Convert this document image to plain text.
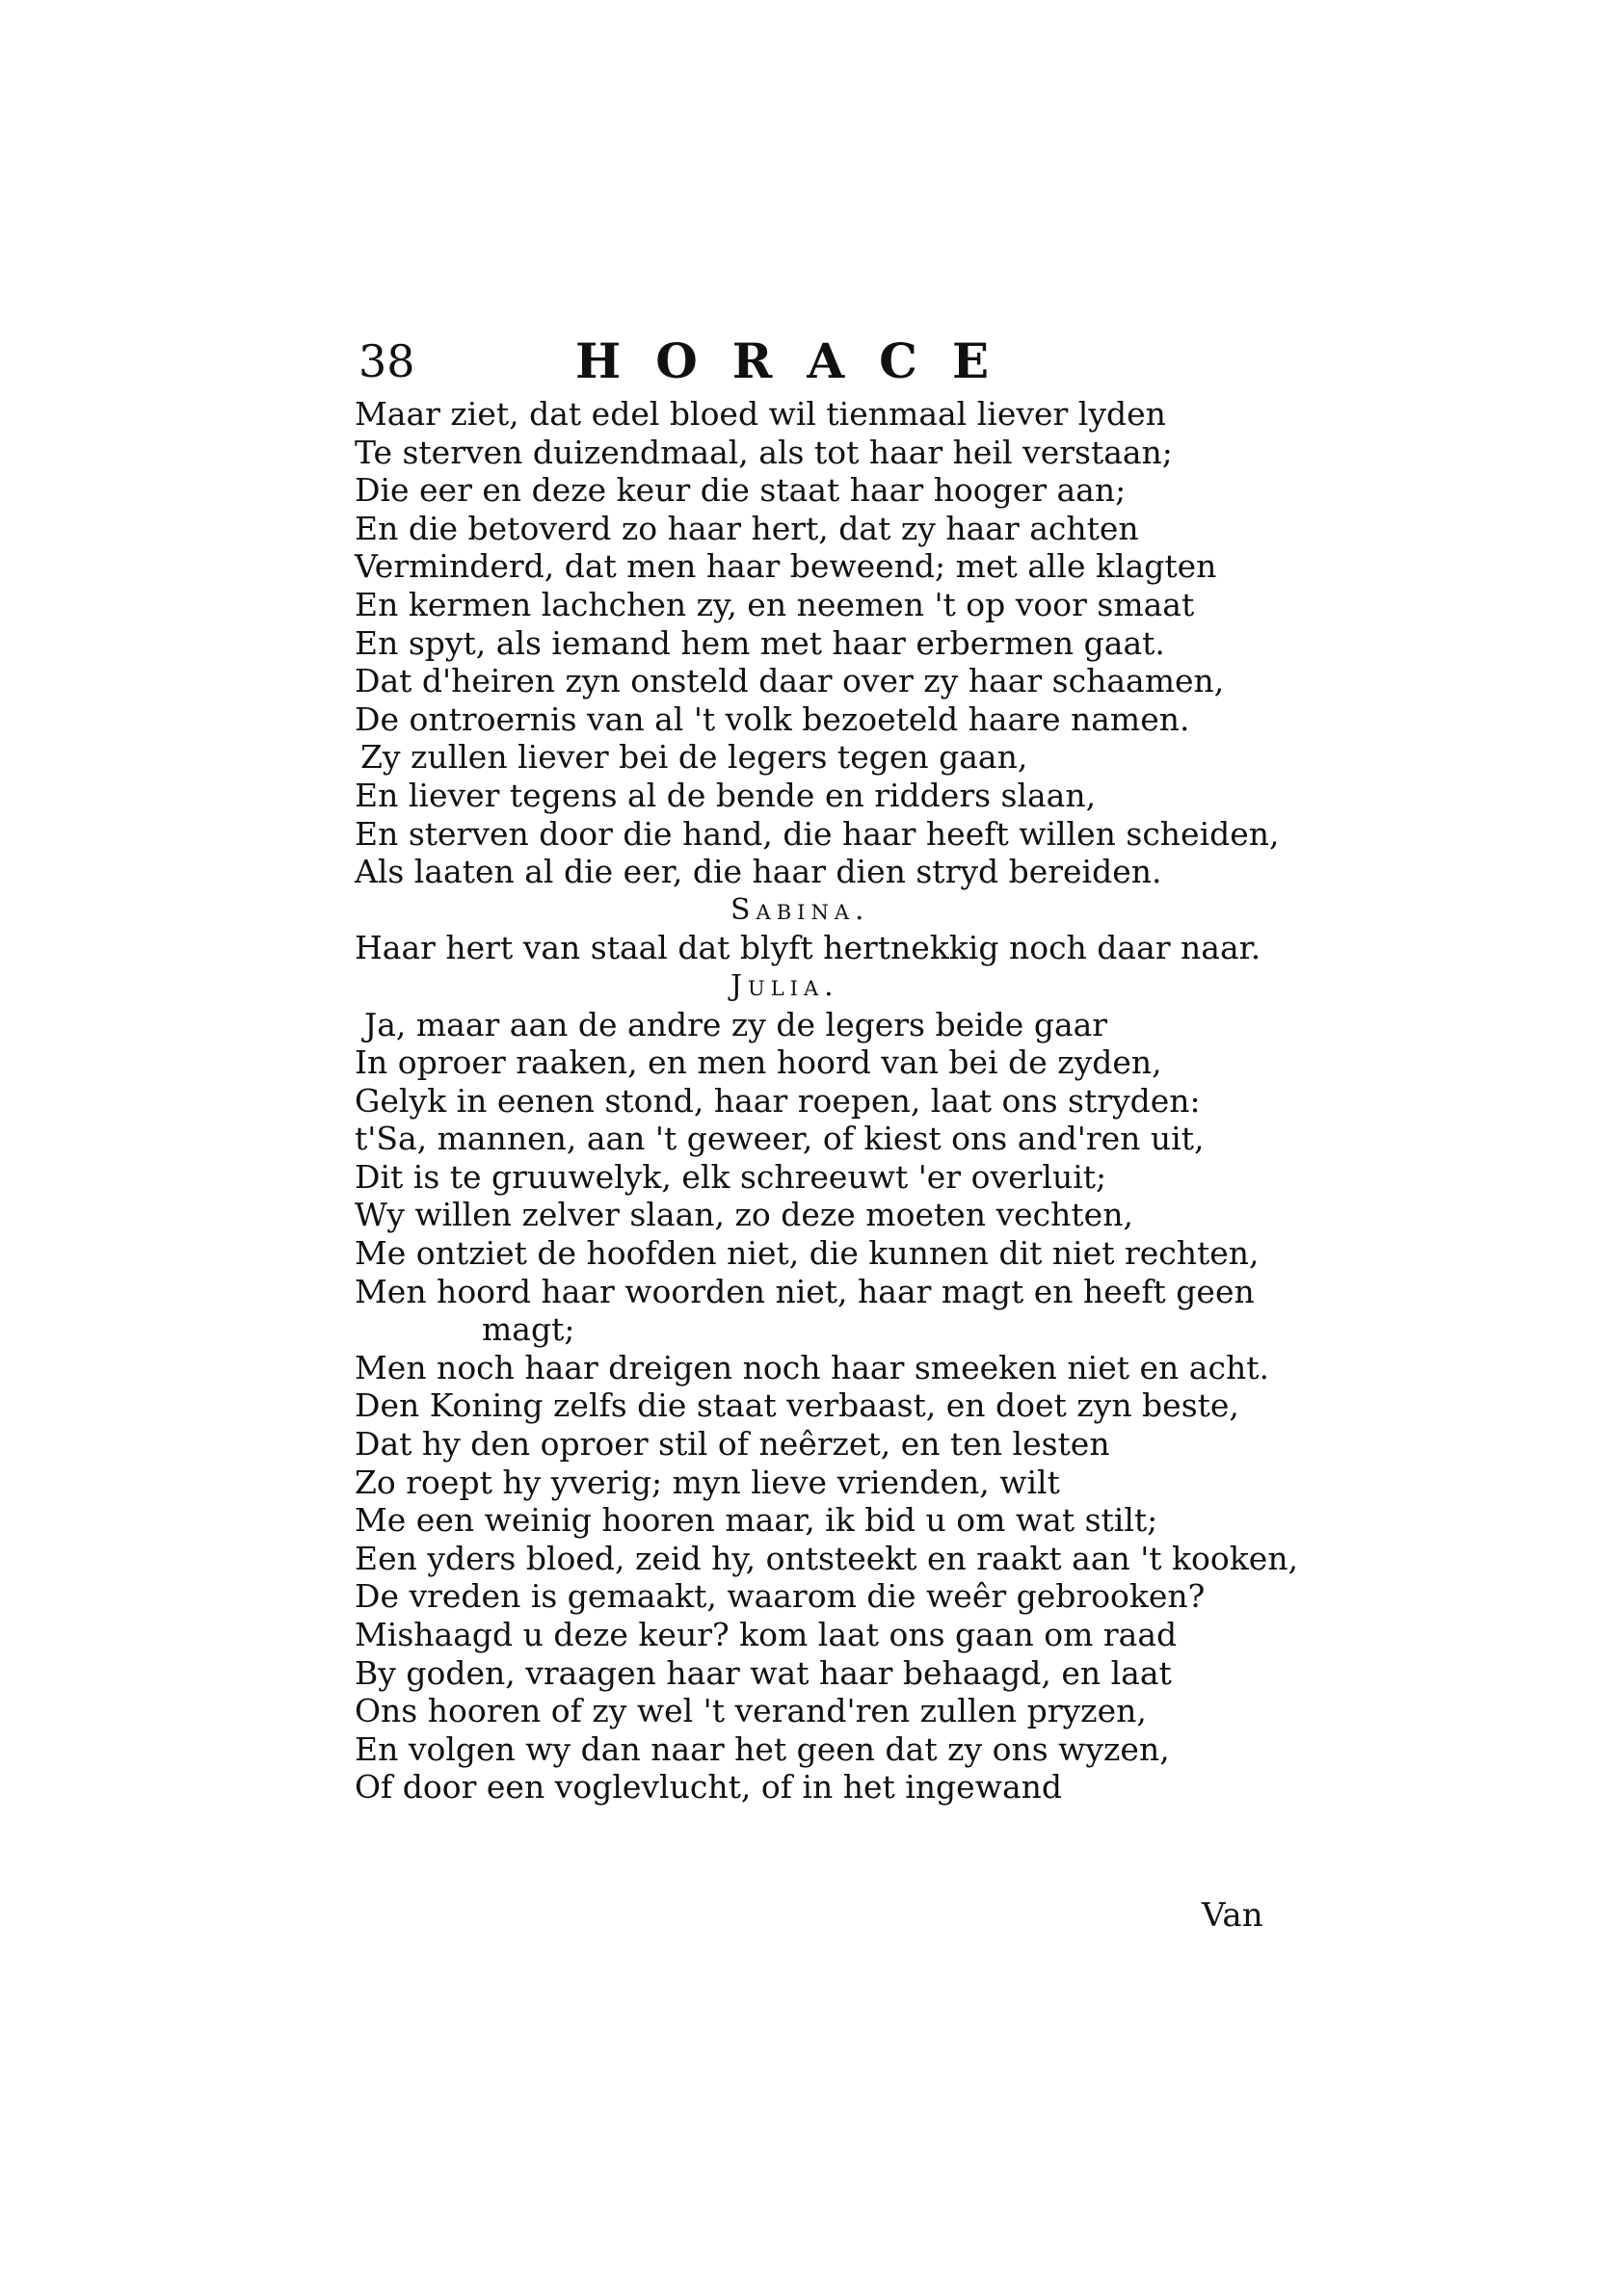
38	HORACE
Maar ziet, dat edel bloed wil tienmaal liever lyden
Te sterven duizendmaal, als tot haar heil verstaan;
Die eer en deze keur die staat haar hooger aan;
En die betoverd zo haar hert, dat zy haar achten
Verminderd, dat men haar beweend; met alle klagten
En kermen lachchen zy, en neemen 't op voor smaat
En spyt, als iemand hem met haar erbermen gaat.
Dat d'heiren zyn onsteld daar over zy haar schaamen,
De ontroernis van al 't volk bezoeteld haare namen.
Zy zullen liever bei de legers tegen gaan,
En liever tegens al de bende en ridders slaan,
En sterven door die hand, die haar heeft willen scheiden,
Als laaten al die eer, die haar dien stryd bereiden.
Sabina.
Haar hert van staal dat blyft hertnekkig noch daar naar.
Julia.
Ja, maar aan de andre zy de legers beide gaar
In oproer raaken, en men hoord van bei de zyden,
Gelyk in eenen stond, haar roepen, laat ons stryden:
t'Sa, mannen, aan 't geweer, of kiest ons and'ren uit,
Dit is te gruuwelyk, elk schreeuwt 'er overluit;
Wy willen zelver slaan, zo deze moeten vechten,
Me ontziet de hoofden niet, die kunnen dit niet rechten,
Men hoord haar woorden niet, haar magt en heeft geen
magt;
Men noch haar dreigen noch haar smeeken niet en acht.
Den Koning zelfs die staat verbaast, en doet zyn beste,
Dat hy den oproer stil of neêrzet, en ten lesten
Zo roept hy yverig; myn lieve vrienden, wilt
Me een weinig hooren maar, ik bid u om wat stilt;
Een yders bloed, zeid hy, ontsteekt en raakt aan 't kooken,
De vreden is gemaakt, waarom die weêr gebrooken?
Mishaagd u deze keur? kom laat ons gaan om raad
By goden, vraagen haar wat haar behaagd, en laat
Ons hooren of zy wel 't verand'ren zullen pryzen,
En volgen wy dan naar het geen dat zy ons wyzen,
Of door een voglevlucht, of in het ingewand
Van
